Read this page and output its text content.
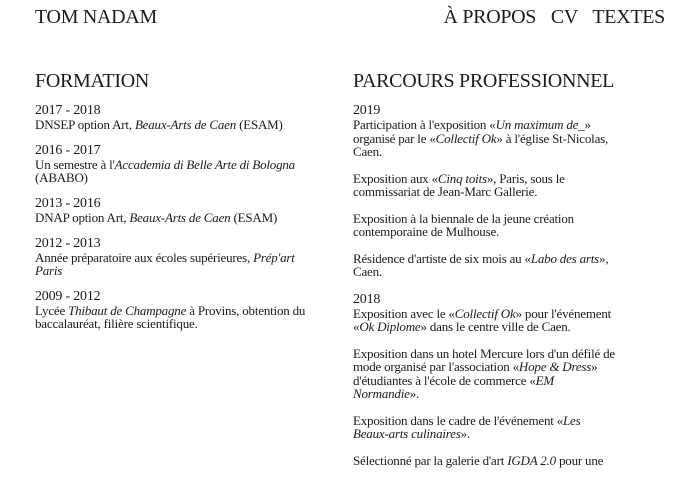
TOM NADAM	À PROPOS CV TEXTES
FORMATION
2017 - 2018
DNSEP option Art, Beaux-Arts de Caen (ESAM)
2016 - 2017
Un semestre à l'Accademia di Belle Arte di Bologna (ABABO)
2013 - 2016
DNAP option Art, Beaux-Arts de Caen (ESAM)
2012 - 2013
Année préparatoire aux écoles supérieures, Prép'art Paris
2009 - 2012
Lycée Thibaut de Champagne à Provins, obtention du baccalauréat, filière scientifique.
PARCOURS PROFESSIONNEL
2019
Participation à l'exposition «Un maximum de_» organisé par le «Collectif Ok» à l'église St-Nicolas, Caen.
Exposition aux «Cinq toits», Paris, sous le commissariat de Jean-Marc Gallerie.
Exposition à la biennale de la jeune création contemporaine de Mulhouse.
Résidence d'artiste de six mois au «Labo des arts», Caen.
2018
Exposition avec le «Collectif Ok» pour l'événement «Ok Diplome» dans le centre ville de Caen.
Exposition dans un hotel Mercure lors d'un défilé de mode organisé par l'association «Hope & Dress» d'étudiantes à l'école de commerce «EM Normandie».
Exposition dans le cadre de l'événement «Les Beaux-arts culinaires».
Sélectionné par la galerie d'art IGDA 2.0 pour une
